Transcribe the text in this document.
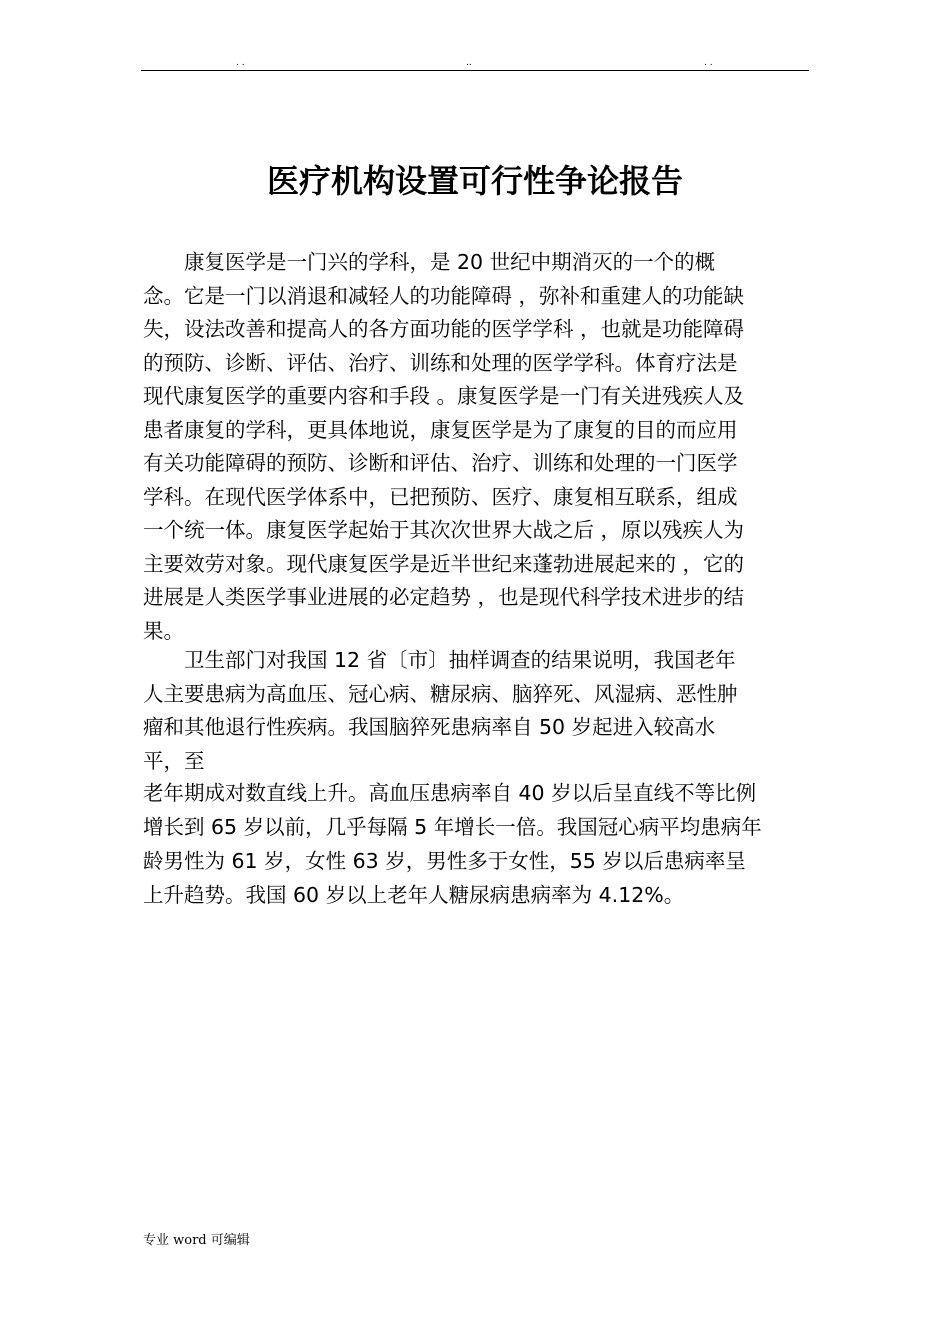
. .	..	. .
医疗机构设置可行性争论报告
　　康复医学是一门兴的学科，是 20 世纪中期消灭的一个的概
念。它是一门以消退和减轻人的功能障碍 ，弥补和重建人的功能缺
失，设法改善和提高人的各方面功能的医学学科 ，也就是功能障碍
的预防、诊断、评估、治疗、训练和处理的医学学科。体育疗法是
现代康复医学的重要内容和手段 。康复医学是一门有关进残疾人及
患者康复的学科，更具体地说，康复医学是为了康复的目的而应用
有关功能障碍的预防、诊断和评估、治疗、训练和处理的一门医学
学科。在现代医学体系中，已把预防、医疗、康复相互联系，组成
一个统一体。康复医学起始于其次次世界大战之后 ，原以残疾人为
主要效劳对象。现代康复医学是近半世纪来蓬勃进展起来的 ，它的
进展是人类医学事业进展的必定趋势 ，也是现代科学技术进步的结
果。
　　卫生部门对我国 12 省〔市〕抽样调查的结果说明，我国老年
人主要患病为高血压、冠心病、糖尿病、脑猝死、风湿病、恶性肿
瘤和其他退行性疾病。我国脑猝死患病率自 50 岁起进入较高水
平，至
老年期成对数直线上升。高血压患病率自 40 岁以后呈直线不等比例
增长到 65 岁以前，几乎每隔 5 年增长一倍。我国冠心病平均患病年
龄男性为 61 岁，女性 63 岁，男性多于女性，55 岁以后患病率呈
上升趋势。我国 60 岁以上老年人糖尿病患病率为 4.12%。
专业 word 可编辑
